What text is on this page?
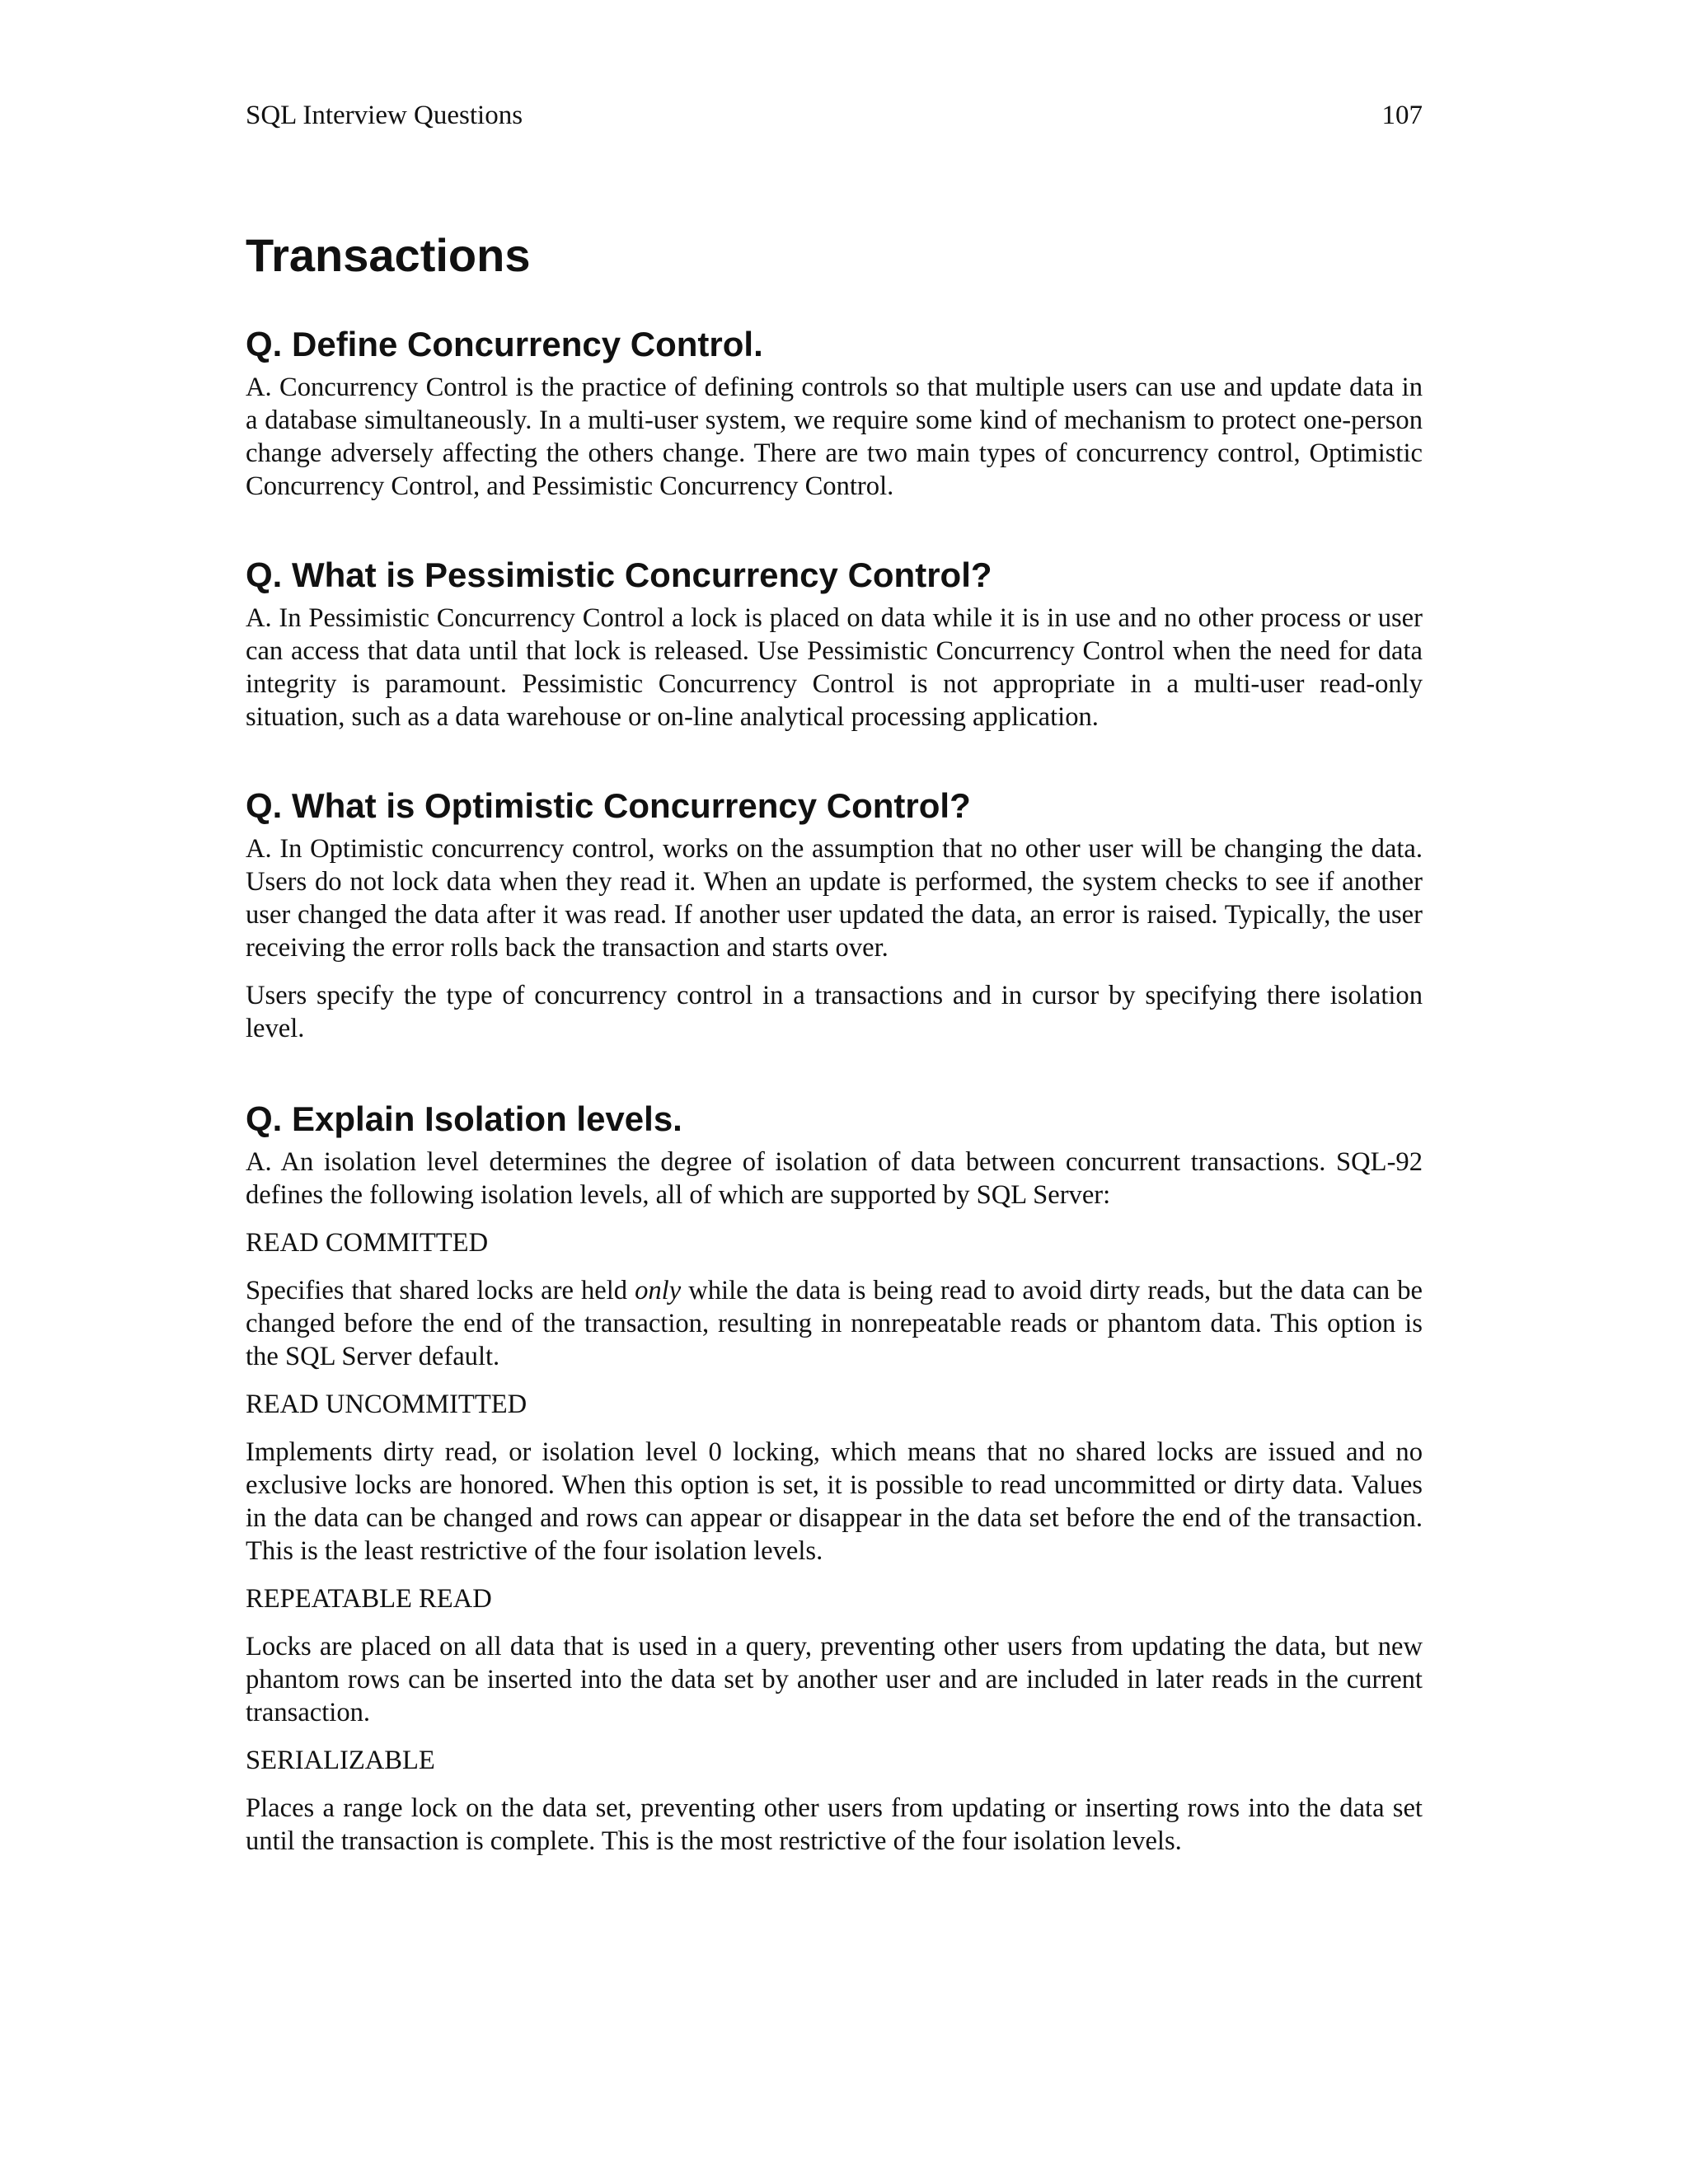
SQL Interview Questions	107
Transactions
Q. Define Concurrency Control.

A. Concurrency Control is the practice of defining controls so that multiple users can use and update data in a database simultaneously. In a multi-user system, we require some kind of mechanism to protect one-person change adversely affecting the others change. There are two main types of concurrency control, Optimistic Concurrency Control, and Pessimistic Concurrency Control.

Q. What is Pessimistic Concurrency Control?

A. In Pessimistic Concurrency Control a lock is placed on data while it is in use and no other process or user can access that data until that lock is released. Use Pessimistic Concurrency Control when the need for data integrity is paramount. Pessimistic Concurrency Control is not appropriate in a multi-user read-only situation, such as a data warehouse or on-line analytical processing application.

Q. What is Optimistic Concurrency Control?

A. In Optimistic concurrency control, works on the assumption that no other user will be changing the data. Users do not lock data when they read it. When an update is performed, the system checks to see if another user changed the data after it was read. If another user updated the data, an error is raised. Typically, the user receiving the error rolls back the transaction and starts over.

Users specify the type of concurrency control in a transactions and in cursor by specifying there isolation level.

Q. Explain Isolation levels.

A. An isolation level determines the degree of isolation of data between concurrent transactions. SQL-92 defines the following isolation levels, all of which are supported by SQL Server:

READ COMMITTED

Specifies that shared locks are held only while the data is being read to avoid dirty reads, but the data can be changed before the end of the transaction, resulting in nonrepeatable reads or phantom data. This option is the SQL Server default.

READ UNCOMMITTED

Implements dirty read, or isolation level 0 locking, which means that no shared locks are issued and no exclusive locks are honored. When this option is set, it is possible to read uncommitted or dirty data. Values in the data can be changed and rows can appear or disappear in the data set before the end of the transaction. This is the least restrictive of the four isolation levels.

REPEATABLE READ

Locks are placed on all data that is used in a query, preventing other users from updating the data, but new phantom rows can be inserted into the data set by another user and are included in later reads in the current transaction.

SERIALIZABLE

Places a range lock on the data set, preventing other users from updating or inserting rows into the data set until the transaction is complete. This is the most restrictive of the four isolation levels.
